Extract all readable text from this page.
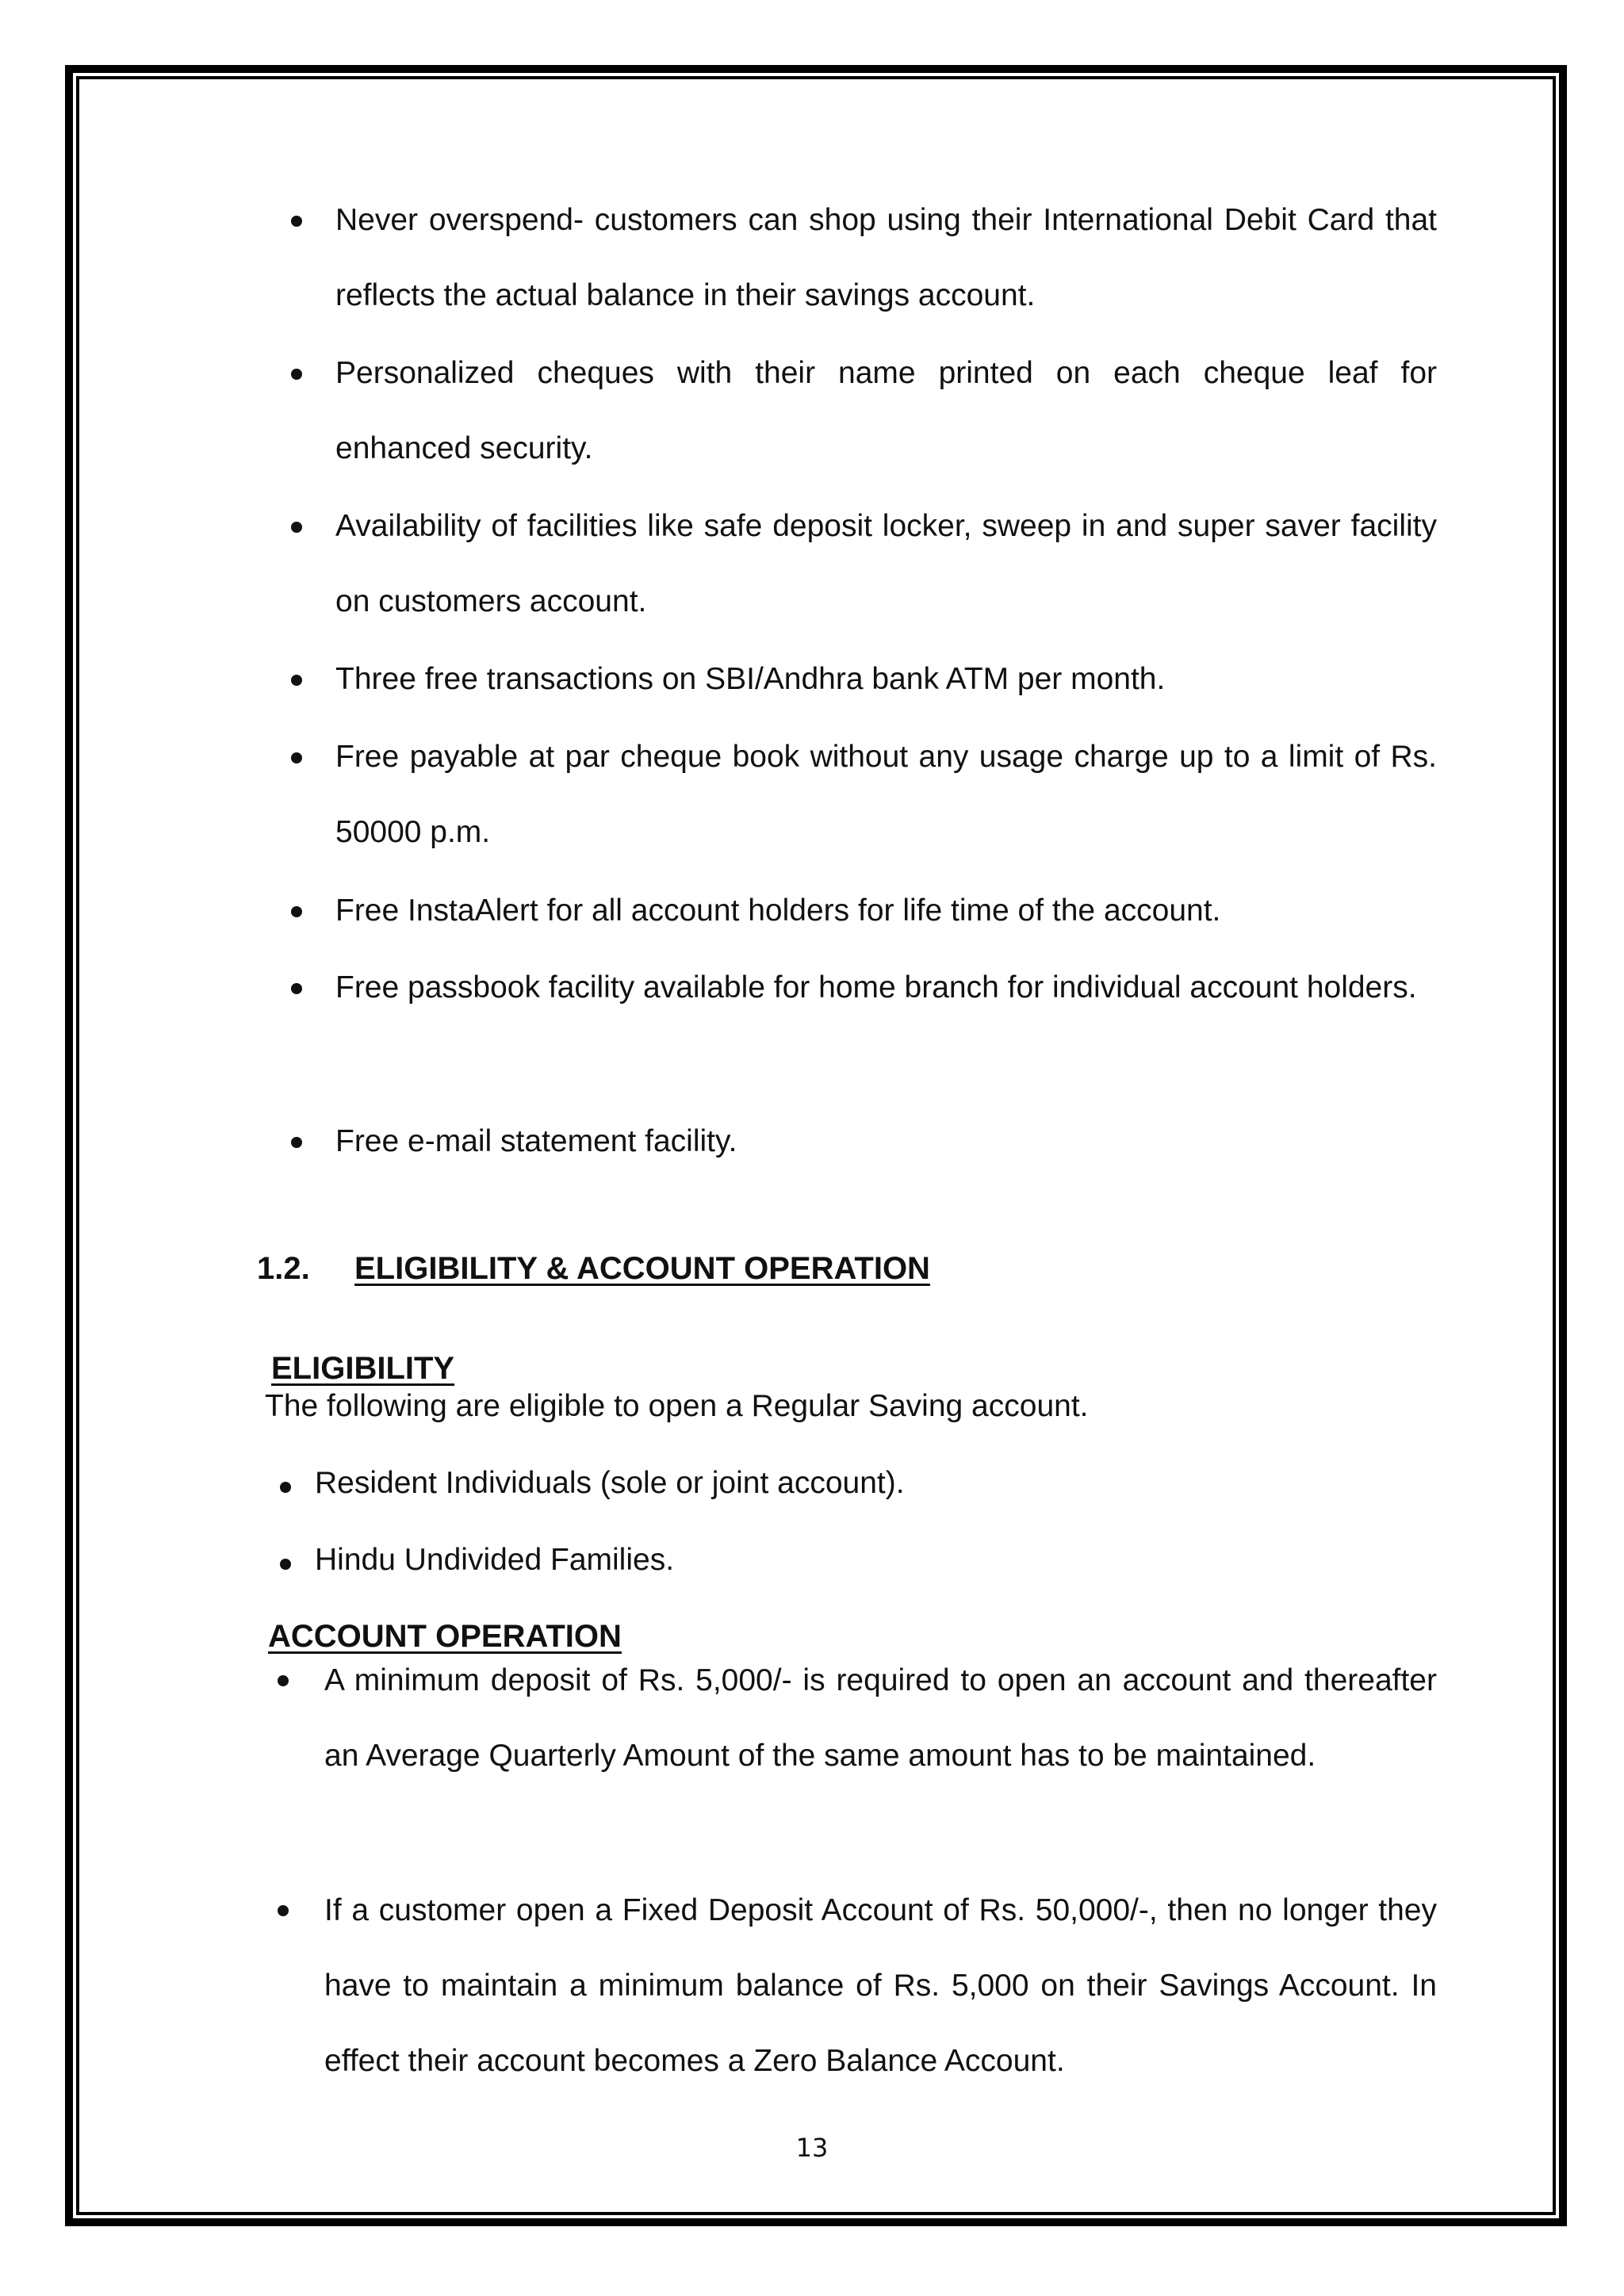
Never overspend- customers can shop using their International Debit Card that reflects the actual balance in their savings account.
Personalized cheques with their name printed on each cheque leaf for enhanced security.
Availability of facilities like safe deposit locker, sweep in and super saver facility on customers account.
Three free transactions on SBI/Andhra bank ATM per month.
Free payable at par cheque book without any usage charge up to a limit of Rs. 50000 p.m.
Free InstaAlert for all account holders for life time of the account.
Free passbook facility available for home branch for individual account holders.
Free e-mail statement facility.
1.2. ELIGIBILITY & ACCOUNT OPERATION
ELIGIBILITY
The following are eligible to open a Regular Saving account.
Resident Individuals (sole or joint account).
Hindu Undivided Families.
ACCOUNT OPERATION
A minimum deposit of Rs. 5,000/- is required to open an account and thereafter an Average Quarterly Amount of the same amount has to be maintained.
If a customer open a Fixed Deposit Account of Rs. 50,000/-, then no longer they have to maintain a minimum balance of Rs. 5,000 on their Savings Account. In effect their account becomes a Zero Balance Account.
13
